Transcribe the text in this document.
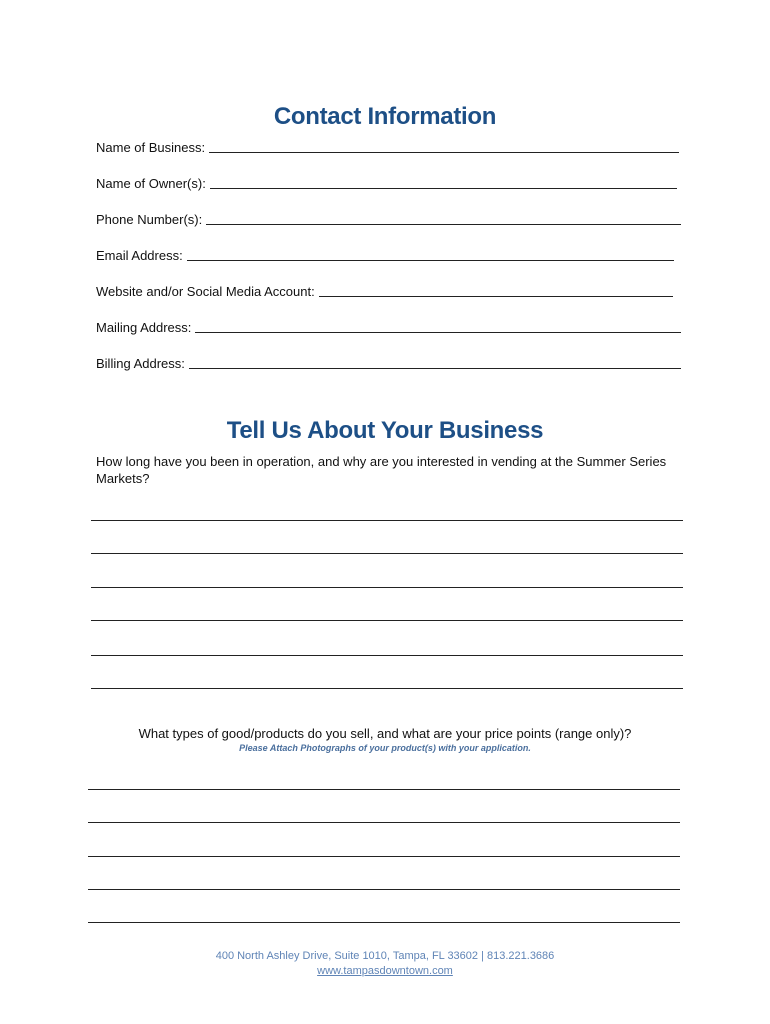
Contact Information
Name of Business:
Name of Owner(s):
Phone Number(s):
Email Address:
Website and/or Social Media Account:
Mailing Address:
Billing Address:
Tell Us About Your Business
How long have you been in operation, and why are you interested in vending at the Summer Series Markets?
What types of good/products do you sell, and what are your price points (range only)?
Please Attach Photographs of your product(s) with your application.
400 North Ashley Drive, Suite 1010, Tampa, FL 33602 | 813.221.3686
www.tampasdowntown.com
